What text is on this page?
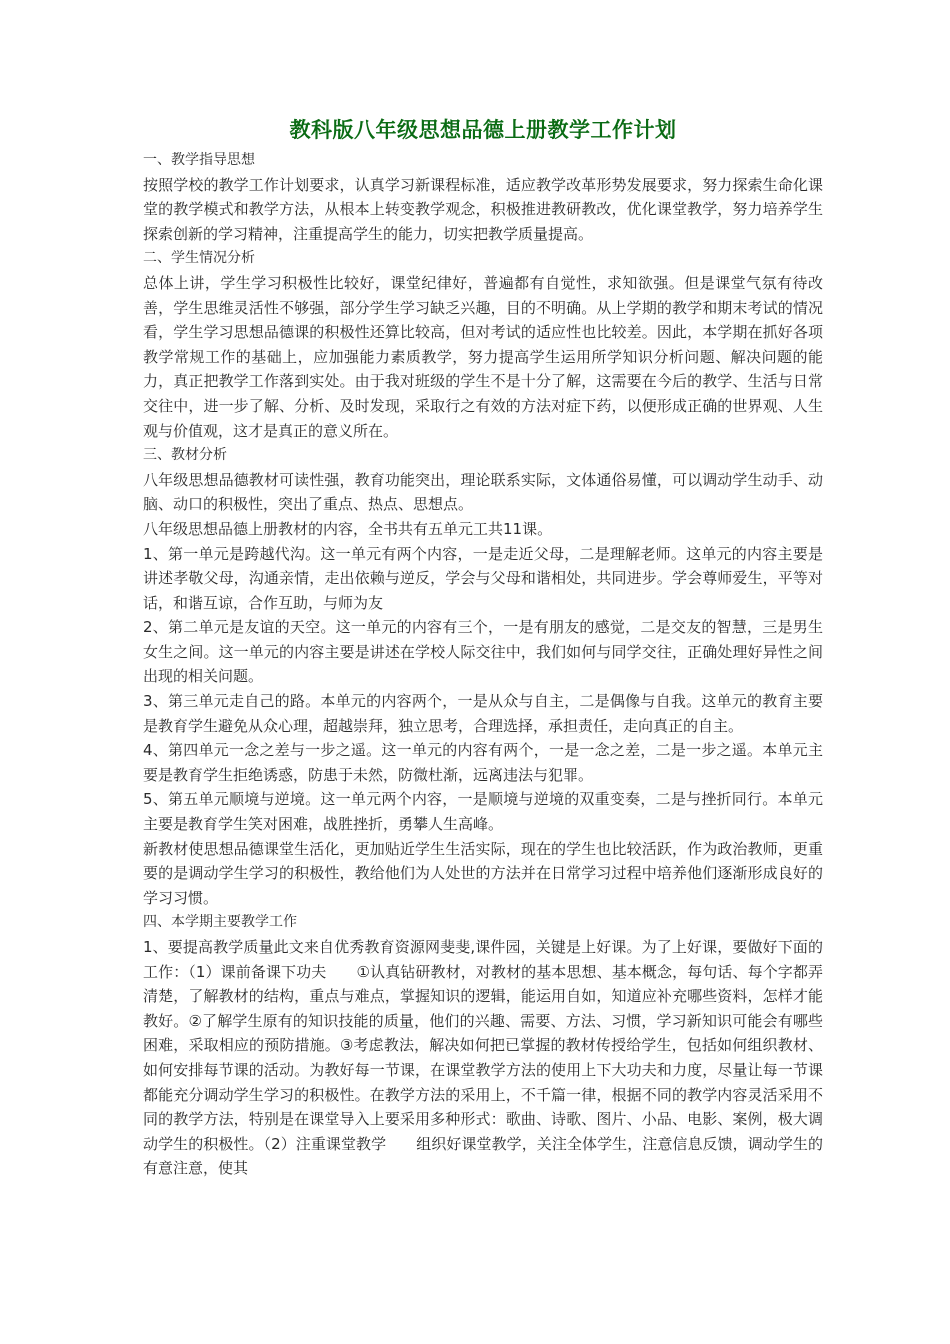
教科版八年级思想品德上册教学工作计划
一、教学指导思想
按照学校的教学工作计划要求，认真学习新课程标准，适应教学改革形势发展要求，努力探索生命化课堂的教学模式和教学方法，从根本上转变教学观念，积极推进教研教改，优化课堂教学，努力培养学生探索创新的学习精神，注重提高学生的能力，切实把教学质量提高。
二、学生情况分析
总体上讲，学生学习积极性比较好，课堂纪律好，普遍都有自觉性，求知欲强。但是课堂气氛有待改善，学生思维灵活性不够强，部分学生学习缺乏兴趣，目的不明确。从上学期的教学和期末考试的情况看，学生学习思想品德课的积极性还算比较高，但对考试的适应性也比较差。因此，本学期在抓好各项教学常规工作的基础上，应加强能力素质教学，努力提高学生运用所学知识分析问题、解决问题的能力，真正把教学工作落到实处。由于我对班级的学生不是十分了解，这需要在今后的教学、生活与日常交往中，进一步了解、分析、及时发现，采取行之有效的方法对症下药，以便形成正确的世界观、人生观与价值观，这才是真正的意义所在。
三、教材分析
八年级思想品德教材可读性强，教育功能突出，理论联系实际，文体通俗易懂，可以调动学生动手、动脑、动口的积极性，突出了重点、热点、思想点。
八年级思想品德上册教材的内容，全书共有五单元工共11课。
1、第一单元是跨越代沟。这一单元有两个内容，一是走近父母，二是理解老师。这单元的内容主要是讲述孝敬父母，沟通亲情，走出依赖与逆反，学会与父母和谐相处，共同进步。学会尊师爱生，平等对话，和谐互谅，合作互助，与师为友
2、第二单元是友谊的天空。这一单元的内容有三个，一是有朋友的感觉，二是交友的智慧，三是男生女生之间。这一单元的内容主要是讲述在学校人际交往中，我们如何与同学交往，正确处理好异性之间出现的相关问题。
3、第三单元走自己的路。本单元的内容两个，一是从众与自主，二是偶像与自我。这单元的教育主要是教育学生避免从众心理，超越崇拜，独立思考，合理选择，承担责任，走向真正的自主。
4、第四单元一念之差与一步之遥。这一单元的内容有两个，一是一念之差，二是一步之遥。本单元主要是教育学生拒绝诱惑，防患于未然，防微杜渐，远离违法与犯罪。
5、第五单元顺境与逆境。这一单元两个内容，一是顺境与逆境的双重变奏，二是与挫折同行。本单元主要是教育学生笑对困难，战胜挫折，勇攀人生高峰。
新教材使思想品德课堂生活化，更加贴近学生生活实际，现在的学生也比较活跃，作为政治教师，更重要的是调动学生学习的积极性，教给他们为人处世的方法并在日常学习过程中培养他们逐渐形成良好的学习习惯。
四、本学期主要教学工作
1、要提高教学质量此文来自优秀教育资源网斐斐,课件园，关键是上好课。为了上好课，要做好下面的工作：（1）课前备课下功夫　　①认真钻研教材，对教材的基本思想、基本概念，每句话、每个字都弄清楚，了解教材的结构，重点与难点，掌握知识的逻辑，能运用自如，知道应补充哪些资料，怎样才能教好。②了解学生原有的知识技能的质量，他们的兴趣、需要、方法、习惯，学习新知识可能会有哪些困难，采取相应的预防措施。③考虑教法，解决如何把已掌握的教材传授给学生，包括如何组织教材、如何安排每节课的活动。为教好每一节课，在课堂教学方法的使用上下大功夫和力度，尽量让每一节课都能充分调动学生学习的积极性。在教学方法的采用上，不千篇一律，根据不同的教学内容灵活采用不同的教学方法，特别是在课堂导入上要采用多种形式：歌曲、诗歌、图片、小品、电影、案例，极大调动学生的积极性。（2）注重课堂教学　　组织好课堂教学，关注全体学生，注意信息反馈，调动学生的有意注意，使其
